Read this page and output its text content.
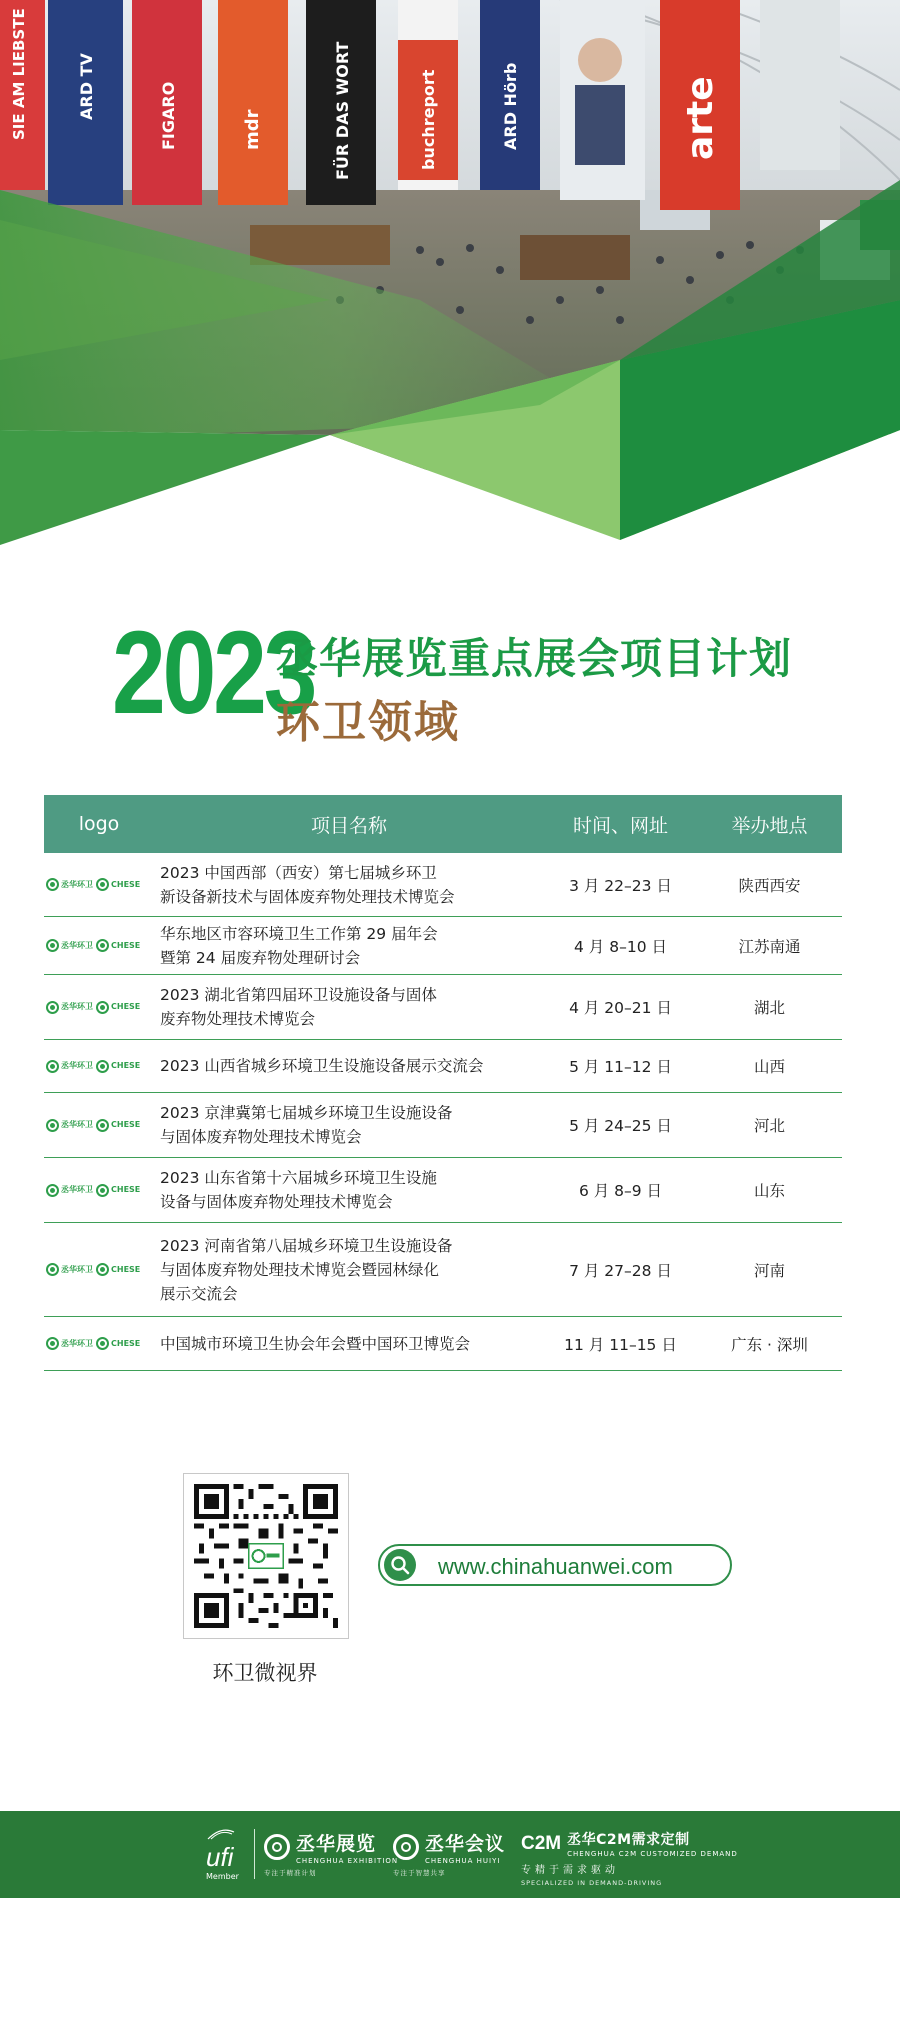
SIE AM LIEBSTE	ARD TV	FIGARO	mdr	FÜR DAS WORT	buchreport	ARD Hörb	arte
2023
丞华展览重点展会项目计划
环卫领域
logo	项目名称	时间、网址	举办地点
丞华环卫 CHESE
2023 中国西部（西安）第七届城乡环卫
新设备新技术与固体废弃物处理技术博览会
3 月 22–23 日	陕西西安
丞华环卫 CHESE
华东地区市容环境卫生工作第 29 届年会
暨第 24 届废弃物处理研讨会
4 月 8–10 日	江苏南通
丞华环卫 CHESE
2023 湖北省第四届环卫设施设备与固体
废弃物处理技术博览会
4 月 20–21 日	湖北
丞华环卫 CHESE 2023 山西省城乡环境卫生设施设备展示交流会	5 月 11–12 日	山西
丞华环卫 CHESE
2023 京津冀第七届城乡环境卫生设施设备
与固体废弃物处理技术博览会
5 月 24–25 日	河北
丞华环卫 CHESE
2023 山东省第十六届城乡环境卫生设施
设备与固体废弃物处理技术博览会
6 月 8–9 日	山东
丞华环卫 CHESE
2023 河南省第八届城乡环境卫生设施设备
与固体废弃物处理技术博览会暨园林绿化
展示交流会
7 月 27–28 日	河南
丞华环卫 CHESE 中国城市环境卫生协会年会暨中国环卫博览会	11 月 11–15 日	广东 · 深圳
环卫微视界
www.chinahuanwei.com
ufi
Member
丞华展览
CHENGHUA EXHIBITION
专注于精准计划
丞华会议
CHENGHUA HUIYI
专注于智慧共享
C2M 丞华C2M需求定制
CHENGHUA C2M CUSTOMIZED DEMAND
专精于需求驱动
SPECIALIZED IN DEMAND-DRIVING
